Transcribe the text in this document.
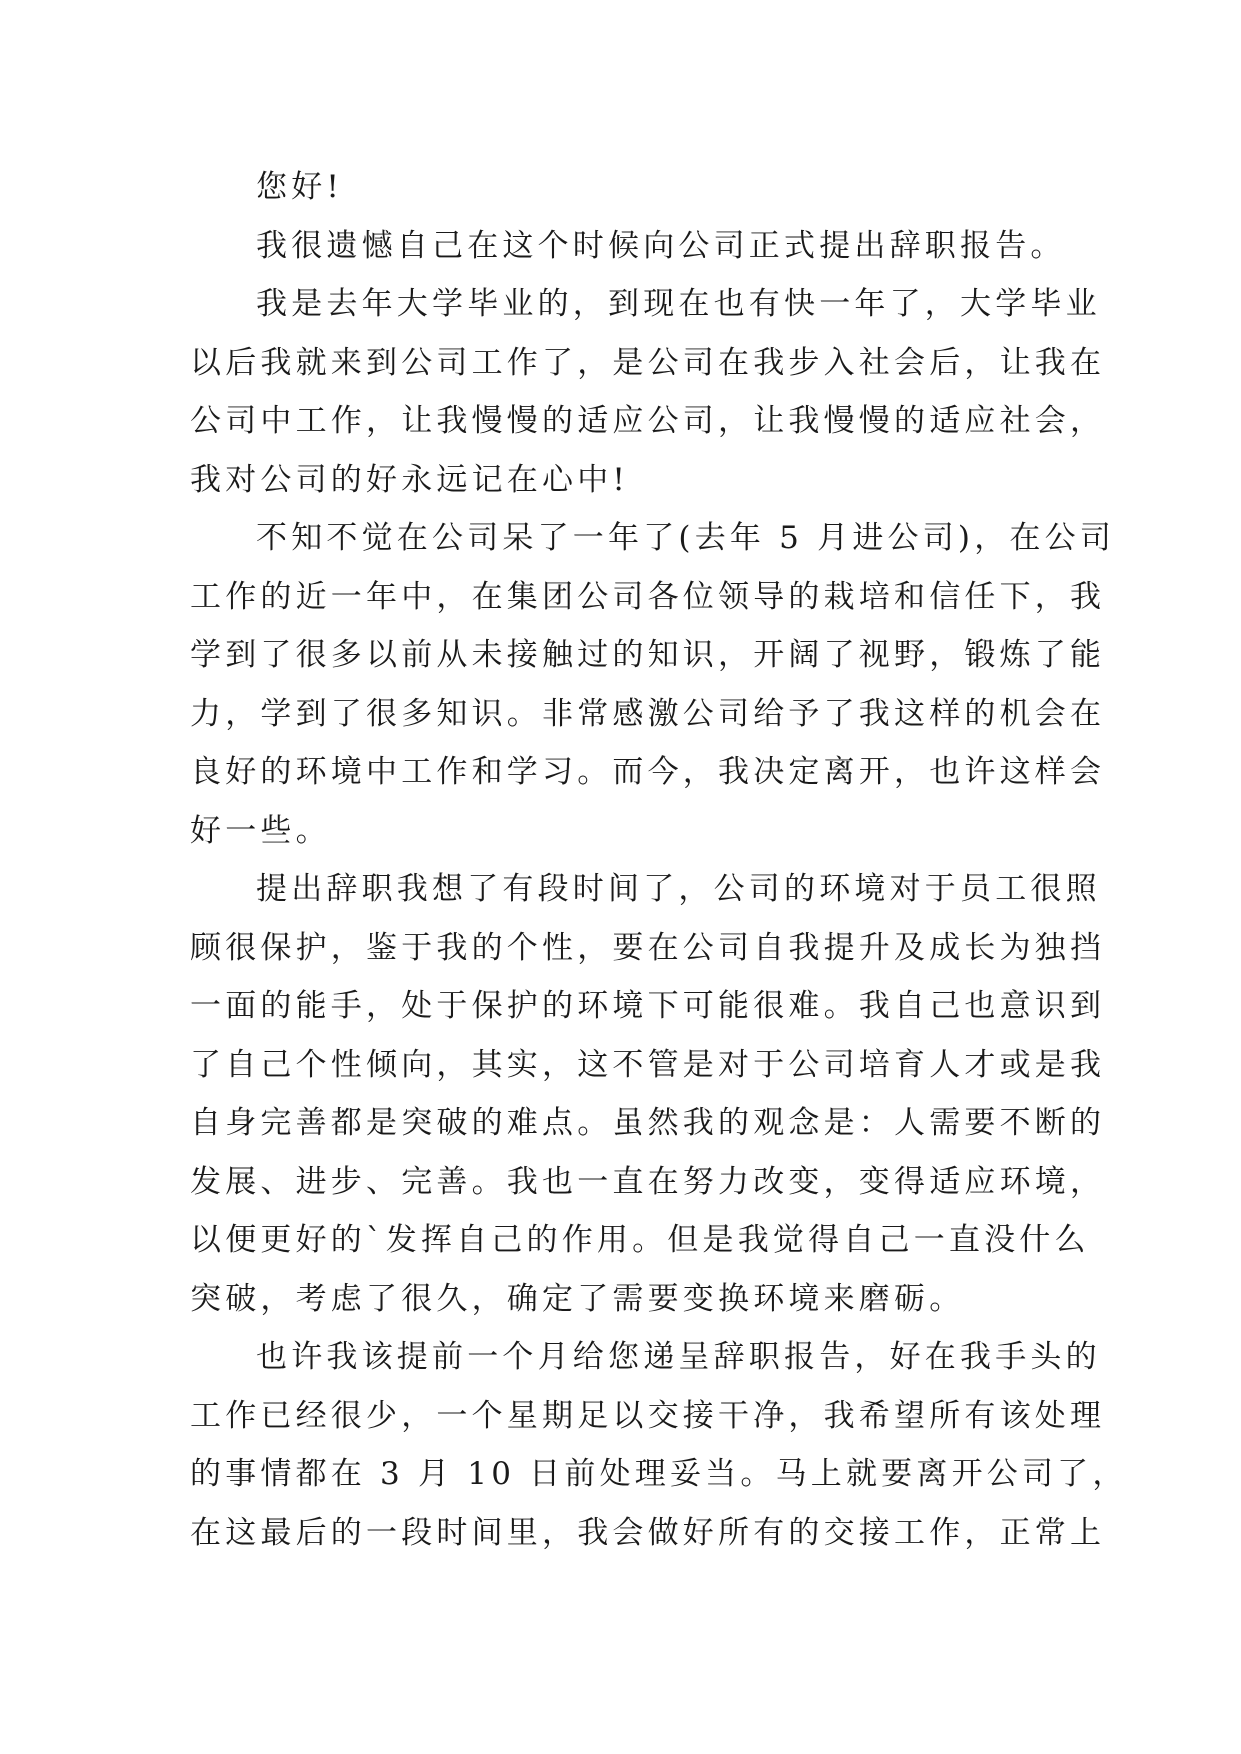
您好!
我很遗憾自己在这个时候向公司正式提出辞职报告。
我是去年大学毕业的，到现在也有快一年了，大学毕业
以后我就来到公司工作了，是公司在我步入社会后，让我在
公司中工作，让我慢慢的适应公司，让我慢慢的适应社会，
我对公司的好永远记在心中!
不知不觉在公司呆了一年了(去年 5 月进公司)，在公司
工作的近一年中，在集团公司各位领导的栽培和信任下，我
学到了很多以前从未接触过的知识，开阔了视野，锻炼了能
力，学到了很多知识。非常感激公司给予了我这样的机会在
良好的环境中工作和学习。而今，我决定离开，也许这样会
好一些。
提出辞职我想了有段时间了，公司的环境对于员工很照
顾很保护，鉴于我的个性，要在公司自我提升及成长为独挡
一面的能手，处于保护的环境下可能很难。我自己也意识到
了自己个性倾向，其实，这不管是对于公司培育人才或是我
自身完善都是突破的难点。虽然我的观念是：人需要不断的
发展、进步、完善。我也一直在努力改变，变得适应环境，
以便更好的`发挥自己的作用。但是我觉得自己一直没什么
突破，考虑了很久，确定了需要变换环境来磨砺。
也许我该提前一个月给您递呈辞职报告，好在我手头的
工作已经很少，一个星期足以交接干净，我希望所有该处理
的事情都在 3 月 10 日前处理妥当。马上就要离开公司了，
在这最后的一段时间里，我会做好所有的交接工作，正常上
